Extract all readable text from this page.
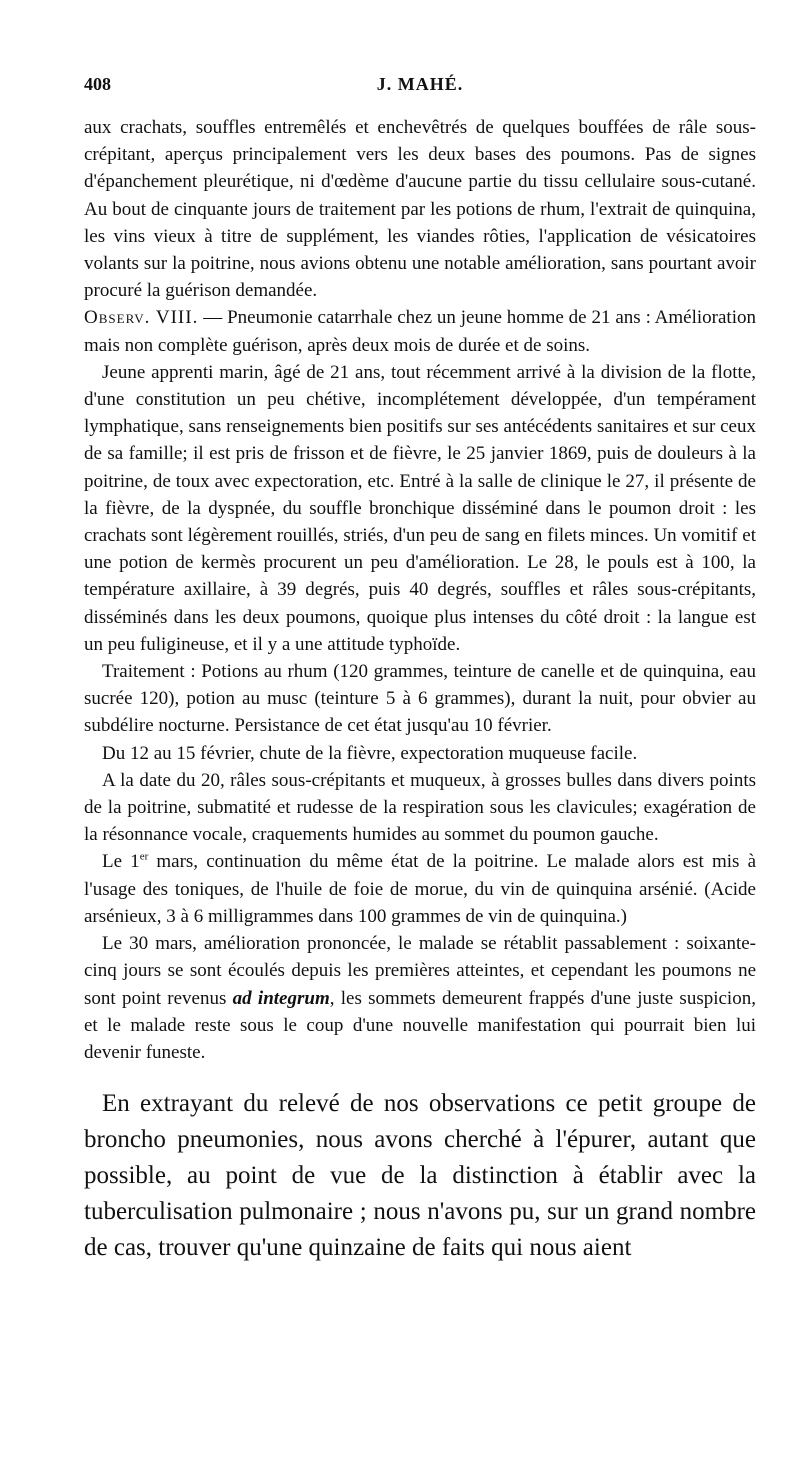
408	J. MAHÉ.

aux crachats, souffles entremêlés et enchevêtrés de quelques bouffées de râle sous-crépitant, aperçus principalement vers les deux bases des poumons. Pas de signes d'épanchement pleurétique, ni d'œdème d'aucune partie du tissu cellulaire sous-cutané. Au bout de cinquante jours de traitement par les potions de rhum, l'extrait de quinquina, les vins vieux à titre de supplément, les viandes rôties, l'application de vésicatoires volants sur la poitrine, nous avions obtenu une notable amélioration, sans pourtant avoir procuré la guérison demandée.

Observ. VIII. — Pneumonie catarrhale chez un jeune homme de 21 ans : Amélioration mais non complète guérison, après deux mois de durée et de soins.

Jeune apprenti marin, âgé de 21 ans, tout récemment arrivé à la division de la flotte, d'une constitution un peu chétive, incomplétement développée, d'un tempérament lymphatique, sans renseignements bien positifs sur ses antécédents sanitaires et sur ceux de sa famille; il est pris de frisson et de fièvre, le 25 janvier 1869, puis de douleurs à la poitrine, de toux avec expectoration, etc. Entré à la salle de clinique le 27, il présente de la fièvre, de la dyspnée, du souffle bronchique disséminé dans le poumon droit : les crachats sont légèrement rouillés, striés, d'un peu de sang en filets minces. Un vomitif et une potion de kermès procurent un peu d'amélioration. Le 28, le pouls est à 100, la température axillaire, à 39 degrés, puis 40 degrés, souffles et râles sous-crépitants, disséminés dans les deux poumons, quoique plus intenses du côté droit : la langue est un peu fuligineuse, et il y a une attitude typhoïde.

Traitement : Potions au rhum (120 grammes, teinture de canelle et de quinquina, eau sucrée 120), potion au musc (teinture 5 à 6 grammes), durant la nuit, pour obvier au subdélire nocturne. Persistance de cet état jusqu'au 10 février.

Du 12 au 15 février, chute de la fièvre, expectoration muqueuse facile.

A la date du 20, râles sous-crépitants et muqueux, à grosses bulles dans divers points de la poitrine, submatité et rudesse de la respiration sous les clavicules; exagération de la résonnance vocale, craquements humides au sommet du poumon gauche.

Le 1er mars, continuation du même état de la poitrine. Le malade alors est mis à l'usage des toniques, de l'huile de foie de morue, du vin de quinquina arsénié. (Acide arsénieux, 3 à 6 milligrammes dans 100 grammes de vin de quinquina.)

Le 30 mars, amélioration prononcée, le malade se rétablit passablement : soixante-cinq jours se sont écoulés depuis les premières atteintes, et cependant les poumons ne sont point revenus ad integrum, les sommets demeurent frappés d'une juste suspicion, et le malade reste sous le coup d'une nouvelle manifestation qui pourrait bien lui devenir funeste.

En extrayant du relevé de nos observations ce petit groupe de broncho pneumonies, nous avons cherché à l'épurer, autant que possible, au point de vue de la distinction à établir avec la tuberculisation pulmonaire ; nous n'avons pu, sur un grand nombre de cas, trouver qu'une quinzaine de faits qui nous aient
